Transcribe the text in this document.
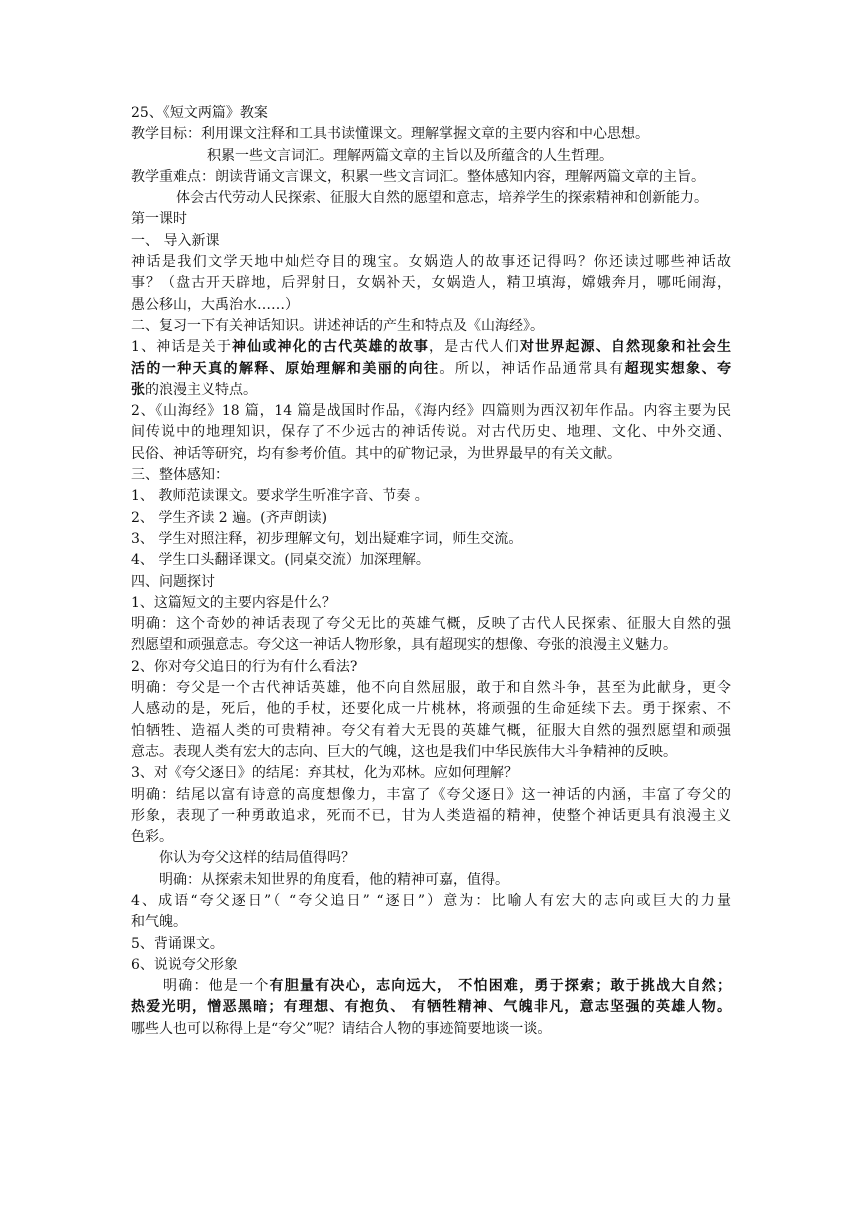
25、《短文两篇》教案
教学目标：利用课文注释和工具书读懂课文。理解掌握文章的主要内容和中心思想。
积累一些文言词汇。理解两篇文章的主旨以及所蕴含的人生哲理。
教学重难点：朗读背诵文言课文，积累一些文言词汇。整体感知内容，理解两篇文章的主旨。
体会古代劳动人民探索、征服大自然的愿望和意志，培养学生的探索精神和创新能力。
第一课时
一、 导入新课
神话是我们文学天地中灿烂夺目的瑰宝。女娲造人的故事还记得吗？你还读过哪些神话故
事？（盘古开天辟地，后羿射日，女娲补天，女娲造人，精卫填海，嫦娥奔月，哪吒闹海，
愚公移山，大禹治水……）
二、复习一下有关神话知识。讲述神话的产生和特点及《山海经》。
1、神话是关于神仙或神化的古代英雄的故事，是古代人们对世界起源、自然现象和社会生
活的一种天真的解释、原始理解和美丽的向往。所以，神话作品通常具有超现实想象、夸
张的浪漫主义特点。
2、《山海经》18 篇，14 篇是战国时作品，《海内经》四篇则为西汉初年作品。内容主要为民
间传说中的地理知识，保存了不少远古的神话传说。对古代历史、地理、文化、中外交通、
民俗、神话等研究，均有参考价值。其中的矿物记录，为世界最早的有关文献。
三、整体感知：
1、 教师范读课文。要求学生听准字音、节奏 。
2、 学生齐读 2 遍。(齐声朗读)
3、 学生对照注释，初步理解文句，划出疑难字词，师生交流。
4、 学生口头翻译课文。(同桌交流）加深理解。
四、问题探讨
1、这篇短文的主要内容是什么？
明确：这个奇妙的神话表现了夸父无比的英雄气概，反映了古代人民探索、征服大自然的强
烈愿望和顽强意志。夸父这一神话人物形象，具有超现实的想像、夸张的浪漫主义魅力。
2、你对夸父追日的行为有什么看法?
明确：夸父是一个古代神话英雄，他不向自然屈服，敢于和自然斗争，甚至为此献身，更令
人感动的是，死后，他的手杖，还要化成一片桃林，将顽强的生命延续下去。勇于探索、不
怕牺牲、造福人类的可贵精神。夸父有着大无畏的英雄气概，征服大自然的强烈愿望和顽强
意志。表现人类有宏大的志向、巨大的气魄，这也是我们中华民族伟大斗争精神的反映。
3、对《夸父逐日》的结尾：弃其杖，化为邓林。应如何理解？
明确：结尾以富有诗意的高度想像力，丰富了《夸父逐日》这一神话的内涵，丰富了夸父的
形象，表现了一种勇敢追求，死而不已，甘为人类造福的精神，使整个神话更具有浪漫主义
色彩。
你认为夸父这样的结局值得吗？
明确：从探索未知世界的角度看，他的精神可嘉，值得。
4、成语“夸父逐日”（ “夸父追日” “逐日”）意为：比喻人有宏大的志向或巨大的力量
和气魄。
5、背诵课文。
6、说说夸父形象
明确：他是一个有胆量有决心，志向远大， 不怕困难，勇于探索；敢于挑战大自然；
热爱光明，憎恶黑暗；有理想、有抱负、 有牺牲精神、气魄非凡，意志坚强的英雄人物。
哪些人也可以称得上是“夸父”呢？请结合人物的事迹简要地谈一谈。
